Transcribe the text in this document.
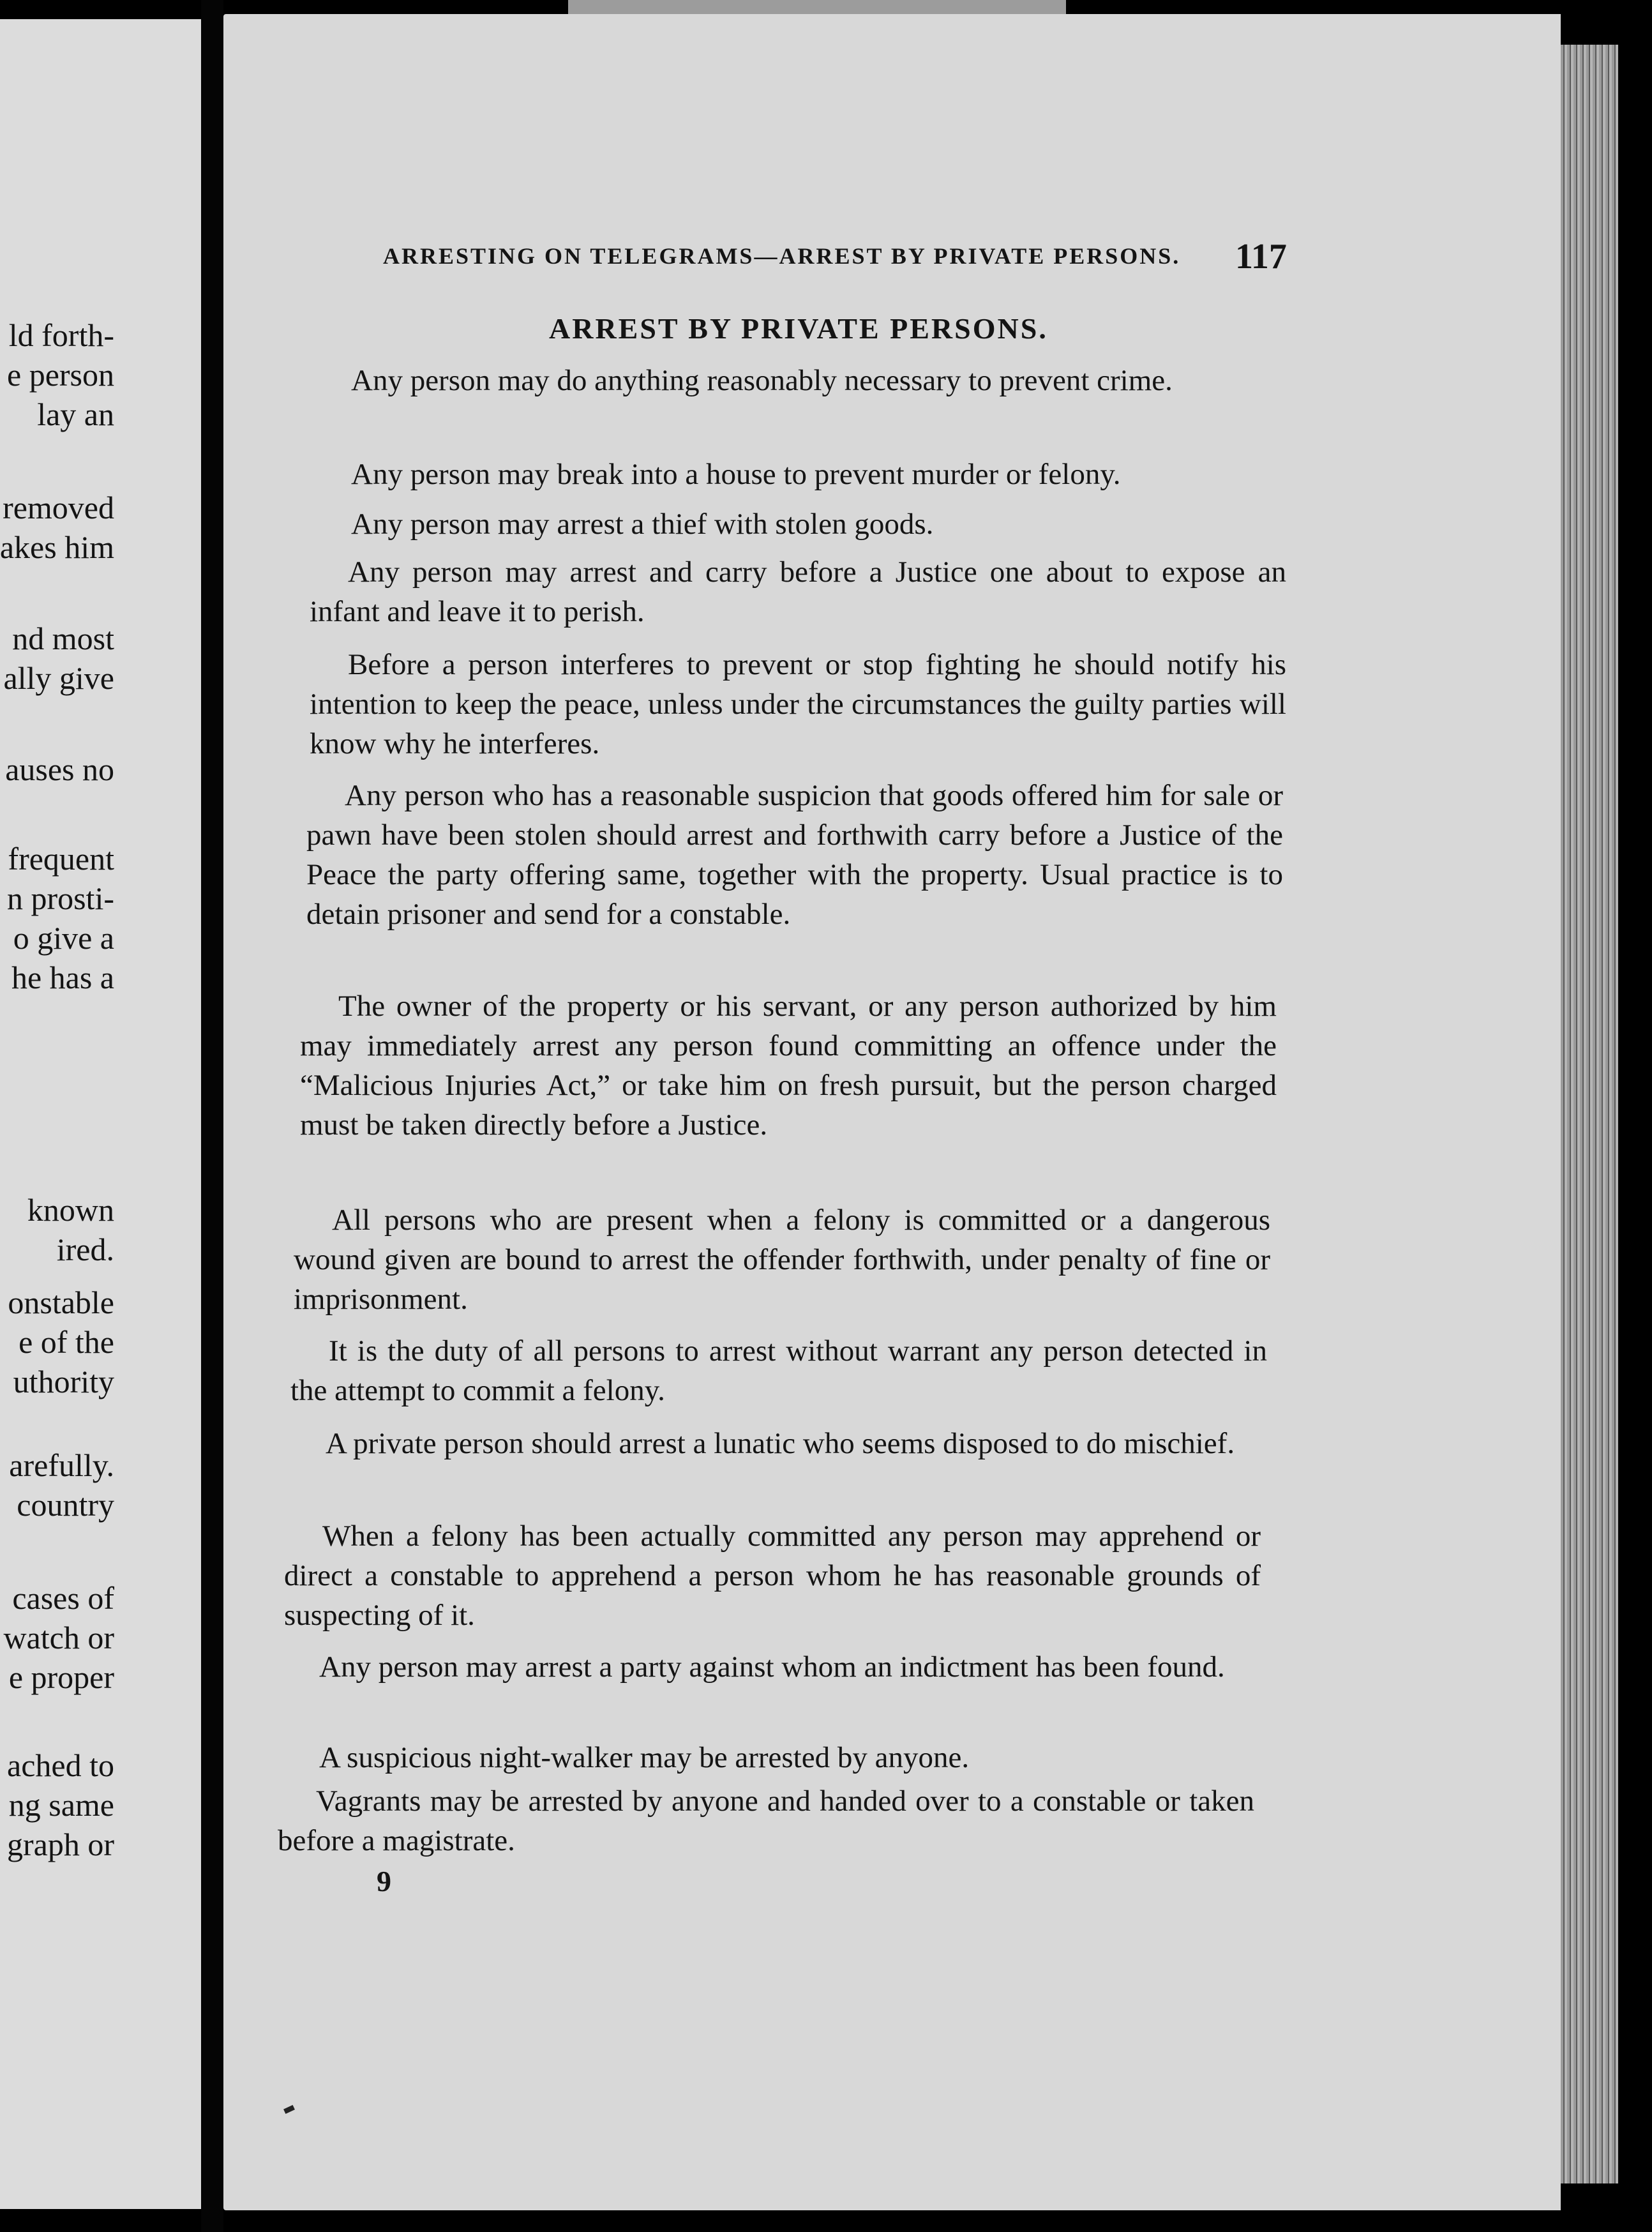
ld forth-
e person
lay an
removed
akes him
nd most
ally give
auses no
frequent
n prosti-
o give a
he has a
known
ired.
onstable
e of the
uthority
arefully.
country
cases of
watch or
e proper
ached to
ng same
graph or
ARRESTING ON TELEGRAMS—ARREST BY PRIVATE PERSONS.	117
ARREST BY PRIVATE PERSONS.

Any person may do anything reasonably necessary to prevent crime.

Any person may break into a house to prevent murder or felony.

Any person may arrest a thief with stolen goods.

Any person may arrest and carry before a Justice one about to expose an infant and leave it to perish.

Before a person interferes to prevent or stop fighting he should notify his intention to keep the peace, unless under the circumstances the guilty parties will know why he interferes.

Any person who has a reasonable suspicion that goods offered him for sale or pawn have been stolen should arrest and forthwith carry before a Justice of the Peace the party offering same, together with the property. Usual practice is to detain prisoner and send for a constable.

The owner of the property or his servant, or any person authorized by him may immediately arrest any person found committing an offence under the “Malicious Injuries Act,” or take him on fresh pursuit, but the person charged must be taken directly before a Justice.

All persons who are present when a felony is committed or a dangerous wound given are bound to arrest the offender forthwith, under penalty of fine or imprisonment.

It is the duty of all persons to arrest without warrant any person detected in the attempt to commit a felony.

A private person should arrest a lunatic who seems disposed to do mischief.

When a felony has been actually committed any person may apprehend or direct a constable to apprehend a person whom he has reasonable grounds of suspecting of it.

Any person may arrest a party against whom an indictment has been found.

A suspicious night-walker may be arrested by anyone.

Vagrants may be arrested by anyone and handed over to a constable or taken before a magistrate.

9
